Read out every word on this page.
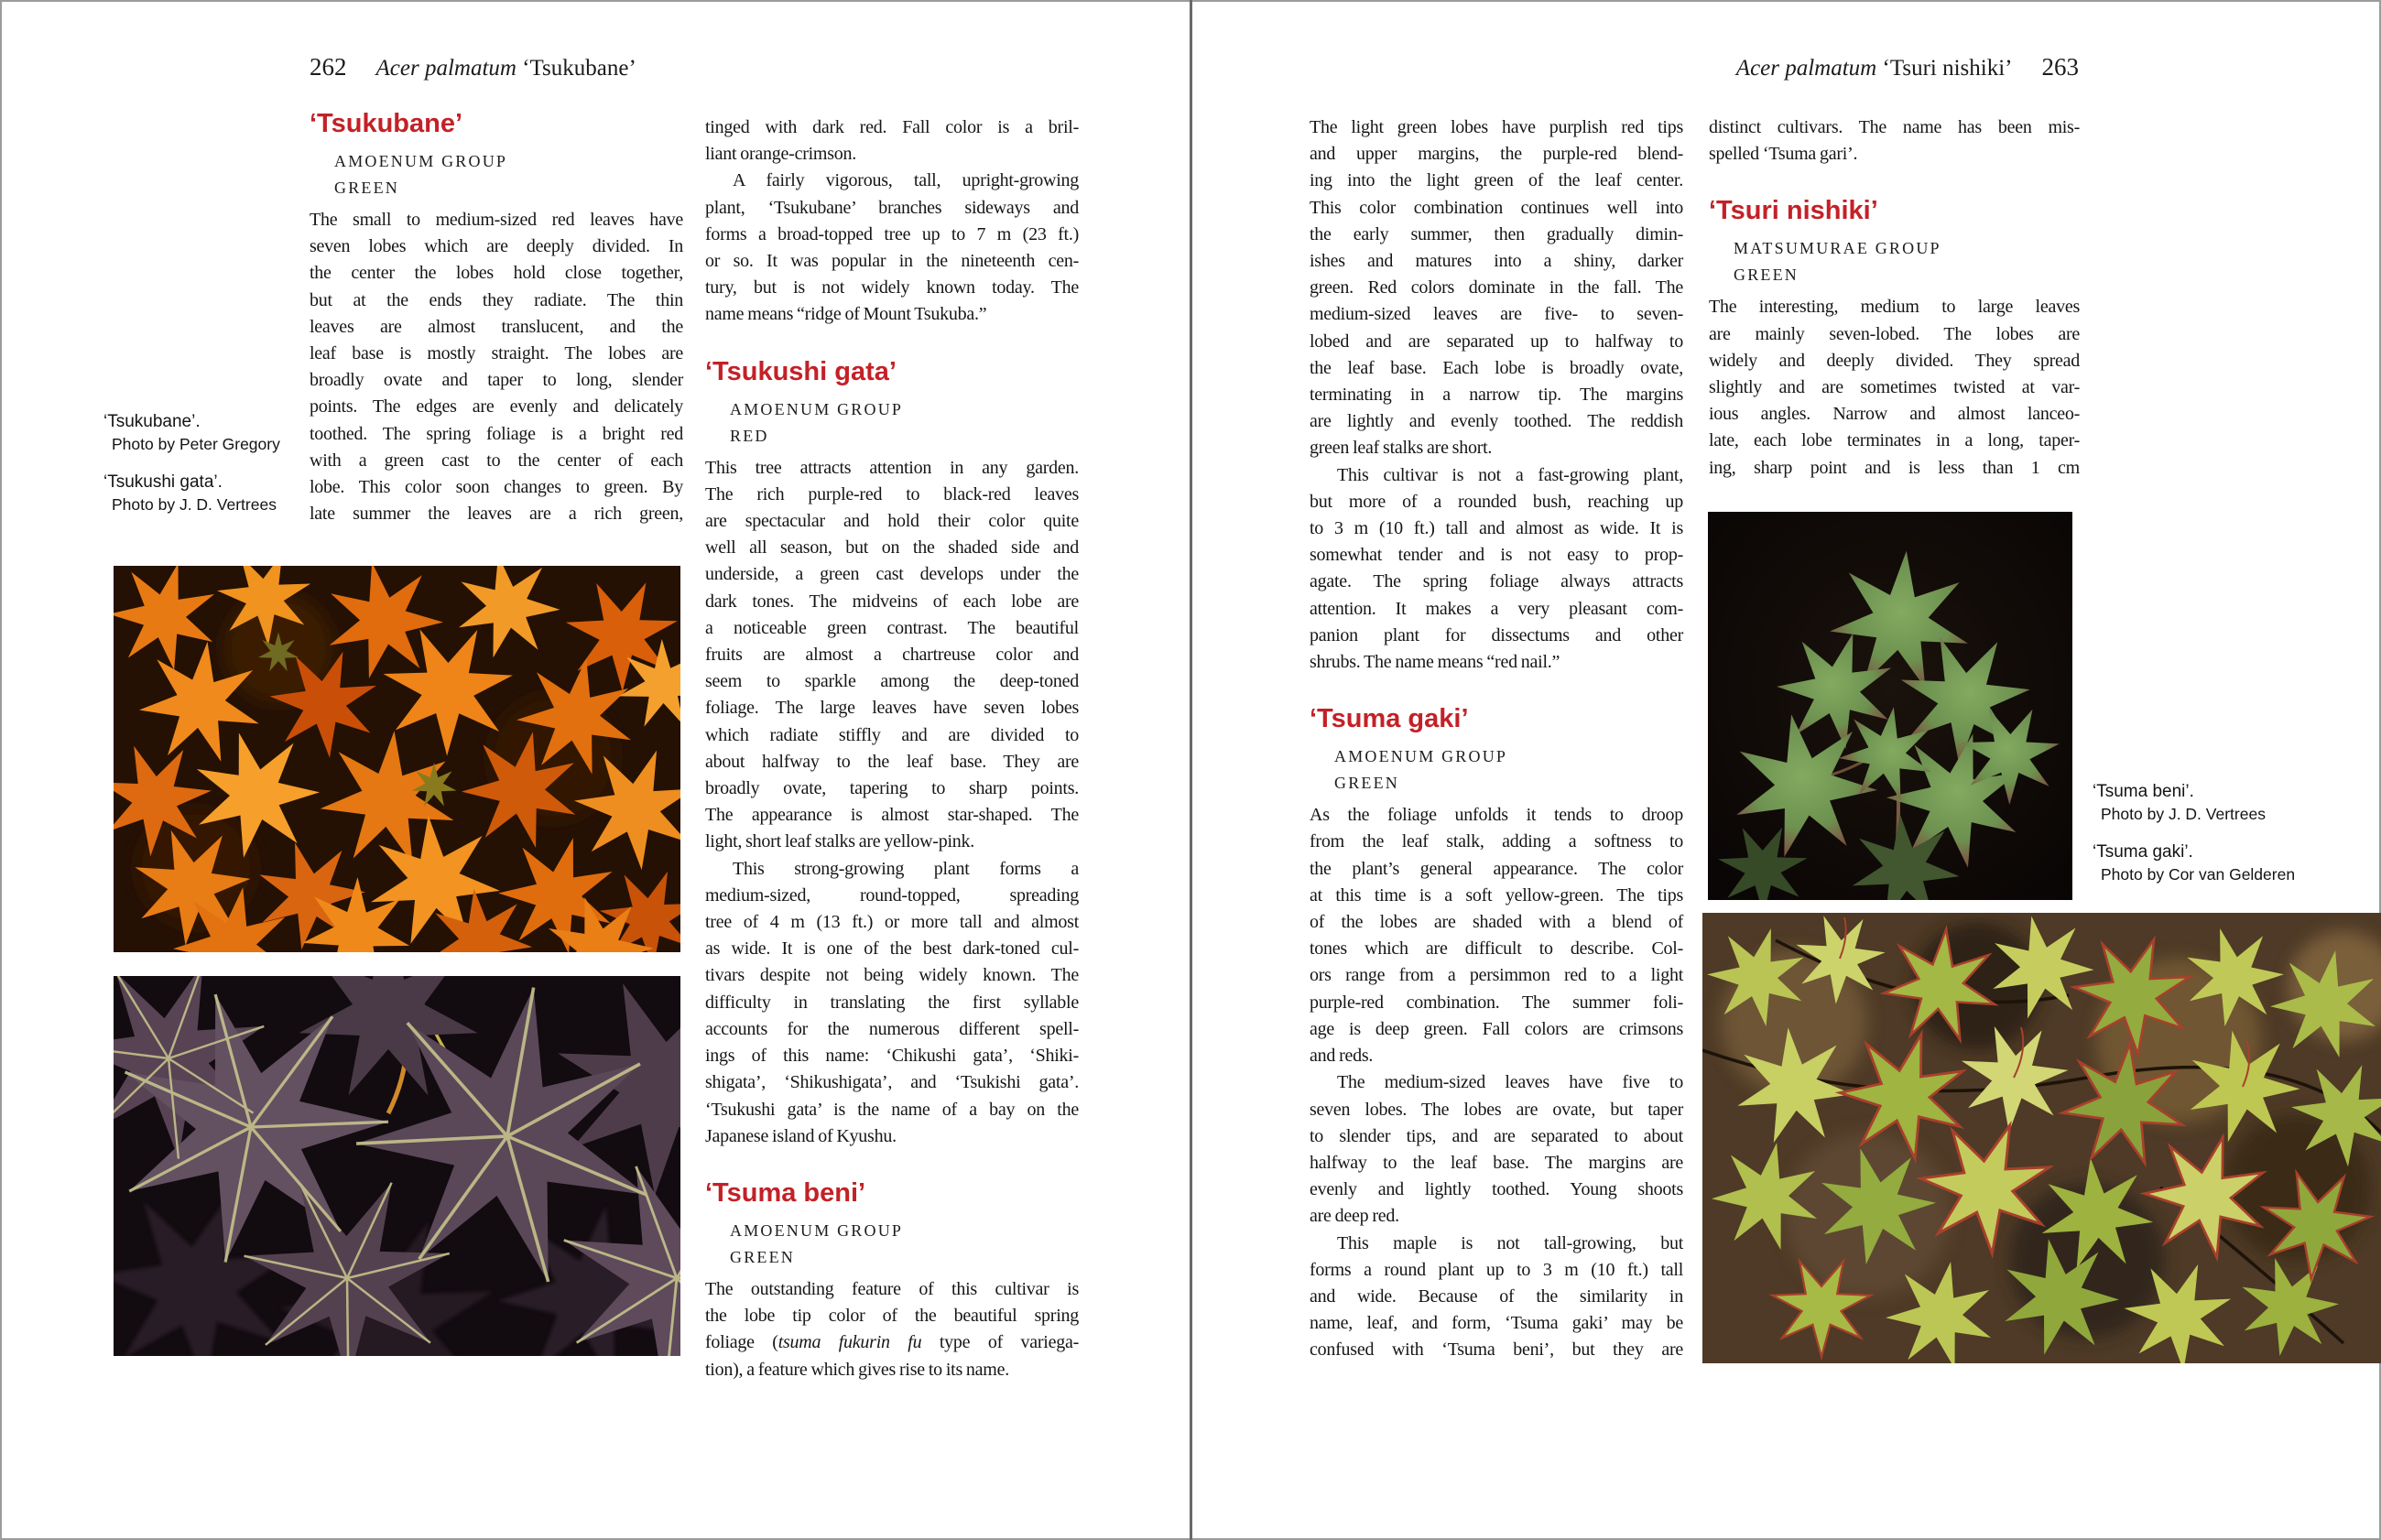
262 Acer palmatum ‘Tsukubane’
‘Tsukubane’
AMOENUM GROUP
GREEN
The small to medium-sized red leaves have
seven lobes which are deeply divided. In
the center the lobes hold close together,
but at the ends they radiate. The thin
leaves are almost translucent, and the
leaf base is mostly straight. The lobes are
broadly ovate and taper to long, slender
points. The edges are evenly and delicately
toothed. The spring foliage is a bright red
with a green cast to the center of each
lobe. This color soon changes to green. By
late summer the leaves are a rich green,
tinged with dark red. Fall color is a bril-
liant orange-crimson.
A fairly vigorous, tall, upright-growing
plant, ‘Tsukubane’ branches sideways and
forms a broad-topped tree up to 7 m (23 ft.)
or so. It was popular in the nineteenth cen-
tury, but is not widely known today. The
name means “ridge of Mount Tsukuba.”
‘Tsukushi gata’
AMOENUM GROUP
RED
This tree attracts attention in any garden.
The rich purple-red to black-red leaves
are spectacular and hold their color quite
well all season, but on the shaded side and
underside, a green cast develops under the
dark tones. The midveins of each lobe are
a noticeable green contrast. The beautiful
fruits are almost a chartreuse color and
seem to sparkle among the deep-toned
foliage. The large leaves have seven lobes
which radiate stiffly and are divided to
about halfway to the leaf base. They are
broadly ovate, tapering to sharp points.
The appearance is almost star-shaped. The
light, short leaf stalks are yellow-pink.
This strong-growing plant forms a
medium-sized, round-topped, spreading
tree of 4 m (13 ft.) or more tall and almost
as wide. It is one of the best dark-toned cul-
tivars despite not being widely known. The
difficulty in translating the first syllable
accounts for the numerous different spell-
ings of this name: ‘Chikushi gata’, ‘Shiki-
shigata’, ‘Shikushigata’, and ‘Tsukishi gata’.
‘Tsukushi gata’ is the name of a bay on the
Japanese island of Kyushu.
‘Tsuma beni’
AMOENUM GROUP
GREEN
The outstanding feature of this cultivar is
the lobe tip color of the beautiful spring
foliage (tsuma fukurin fu type of variega-
tion), a feature which gives rise to its name.
‘Tsukubane’.
Photo by Peter Gregory
‘Tsukushi gata’.
Photo by J. D. Vertrees
Acer palmatum ‘Tsuri nishiki’ 263
The light green lobes have purplish red tips
and upper margins, the purple-red blend-
ing into the light green of the leaf center.
This color combination continues well into
the early summer, then gradually dimin-
ishes and matures into a shiny, darker
green. Red colors dominate in the fall. The
medium-sized leaves are five- to seven-
lobed and are separated up to halfway to
the leaf base. Each lobe is broadly ovate,
terminating in a narrow tip. The margins
are lightly and evenly toothed. The reddish
green leaf stalks are short.
This cultivar is not a fast-growing plant,
but more of a rounded bush, reaching up
to 3 m (10 ft.) tall and almost as wide. It is
somewhat tender and is not easy to prop-
agate. The spring foliage always attracts
attention. It makes a very pleasant com-
panion plant for dissectums and other
shrubs. The name means “red nail.”
‘Tsuma gaki’
AMOENUM GROUP
GREEN
As the foliage unfolds it tends to droop
from the leaf stalk, adding a softness to
the plant’s general appearance. The color
at this time is a soft yellow-green. The tips
of the lobes are shaded with a blend of
tones which are difficult to describe. Col-
ors range from a persimmon red to a light
purple-red combination. The summer foli-
age is deep green. Fall colors are crimsons
and reds.
The medium-sized leaves have five to
seven lobes. The lobes are ovate, but taper
to slender tips, and are separated to about
halfway to the leaf base. The margins are
evenly and lightly toothed. Young shoots
are deep red.
This maple is not tall-growing, but
forms a round plant up to 3 m (10 ft.) tall
and wide. Because of the similarity in
name, leaf, and form, ‘Tsuma gaki’ may be
confused with ‘Tsuma beni’, but they are
distinct cultivars. The name has been mis-
spelled ‘Tsuma gari’.
‘Tsuri nishiki’
MATSUMURAE GROUP
GREEN
The interesting, medium to large leaves
are mainly seven-lobed. The lobes are
widely and deeply divided. They spread
slightly and are sometimes twisted at var-
ious angles. Narrow and almost lanceo-
late, each lobe terminates in a long, taper-
ing, sharp point and is less than 1 cm
‘Tsuma beni’.
Photo by J. D. Vertrees
‘Tsuma gaki’.
Photo by Cor van Gelderen
